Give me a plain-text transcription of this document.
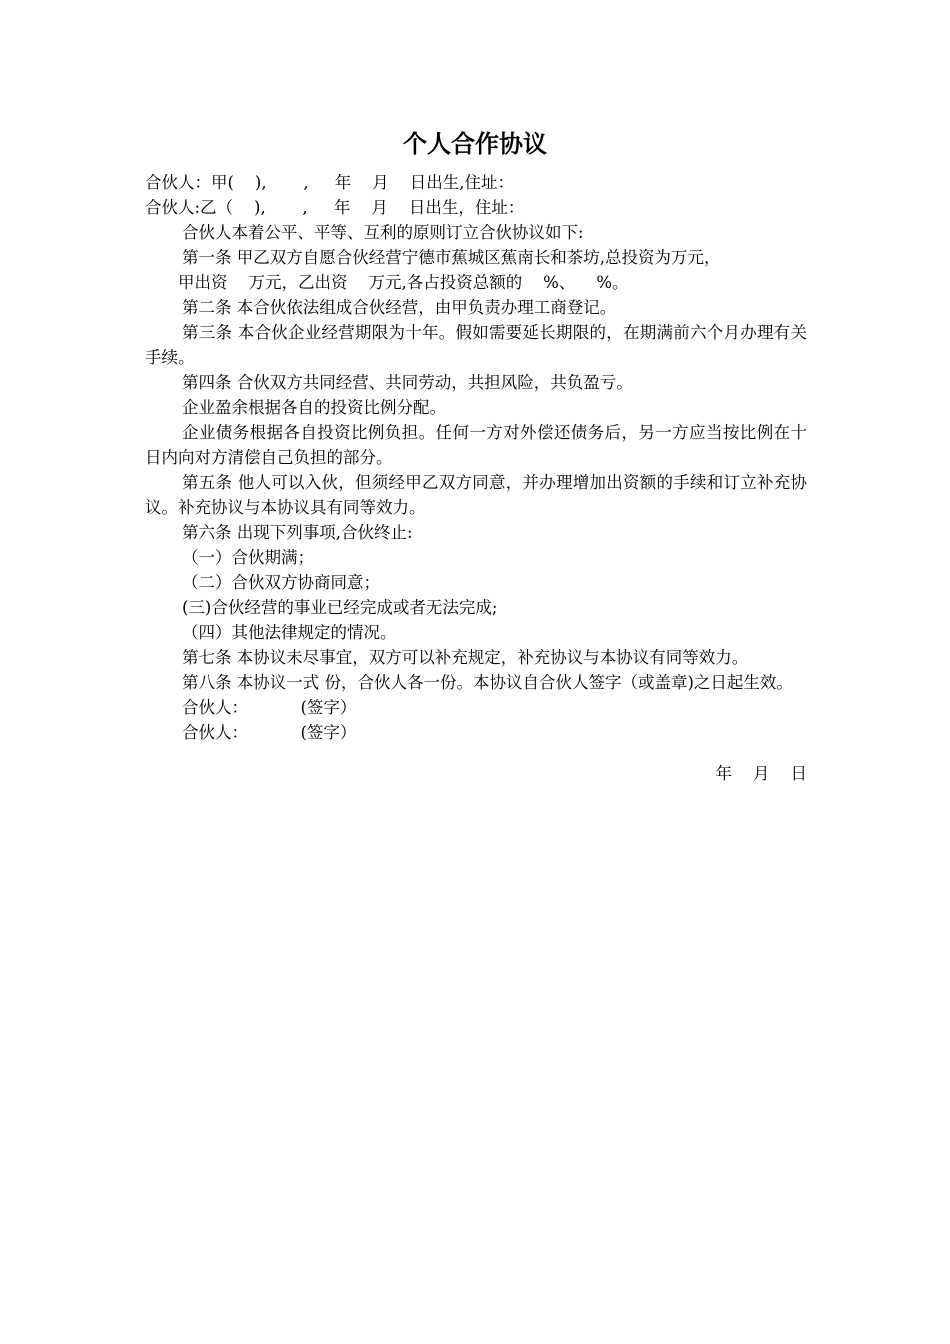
个人合作协议
合伙人：甲(    ),       ,     年    月    日出生,住址：
合伙人:乙（    ),       ,     年    月    日出生，住址：
合伙人本着公平、平等、互利的原则订立合伙协议如下:
第一条 甲乙双方自愿合伙经营宁德市蕉城区蕉南长和茶坊,总投资为万元，
甲出资    万元，乙出资    万元,各占投资总额的    %、    %。
第二条 本合伙依法组成合伙经营，由甲负责办理工商登记。
第三条 本合伙企业经营期限为十年。假如需要延长期限的，在期满前六个月办理有关手续。
第四条 合伙双方共同经营、共同劳动，共担风险，共负盈亏。
企业盈余根据各自的投资比例分配。
企业债务根据各自投资比例负担。任何一方对外偿还债务后，另一方应当按比例在十日内向对方清偿自己负担的部分。
第五条 他人可以入伙，但须经甲乙双方同意，并办理增加出资额的手续和订立补充协议。补充协议与本协议具有同等效力。
第六条 出现下列事项,合伙终止:
（一）合伙期满；
（二）合伙双方协商同意；
(三)合伙经营的事业已经完成或者无法完成;
（四）其他法律规定的情况。
第七条 本协议未尽事宜，双方可以补充规定，补充协议与本协议有同等效力。
第八条 本协议一式 份，合伙人各一份。本协议自合伙人签字（或盖章)之日起生效。
合伙人：          (签字）
合伙人：          (签字）
年    月    日
